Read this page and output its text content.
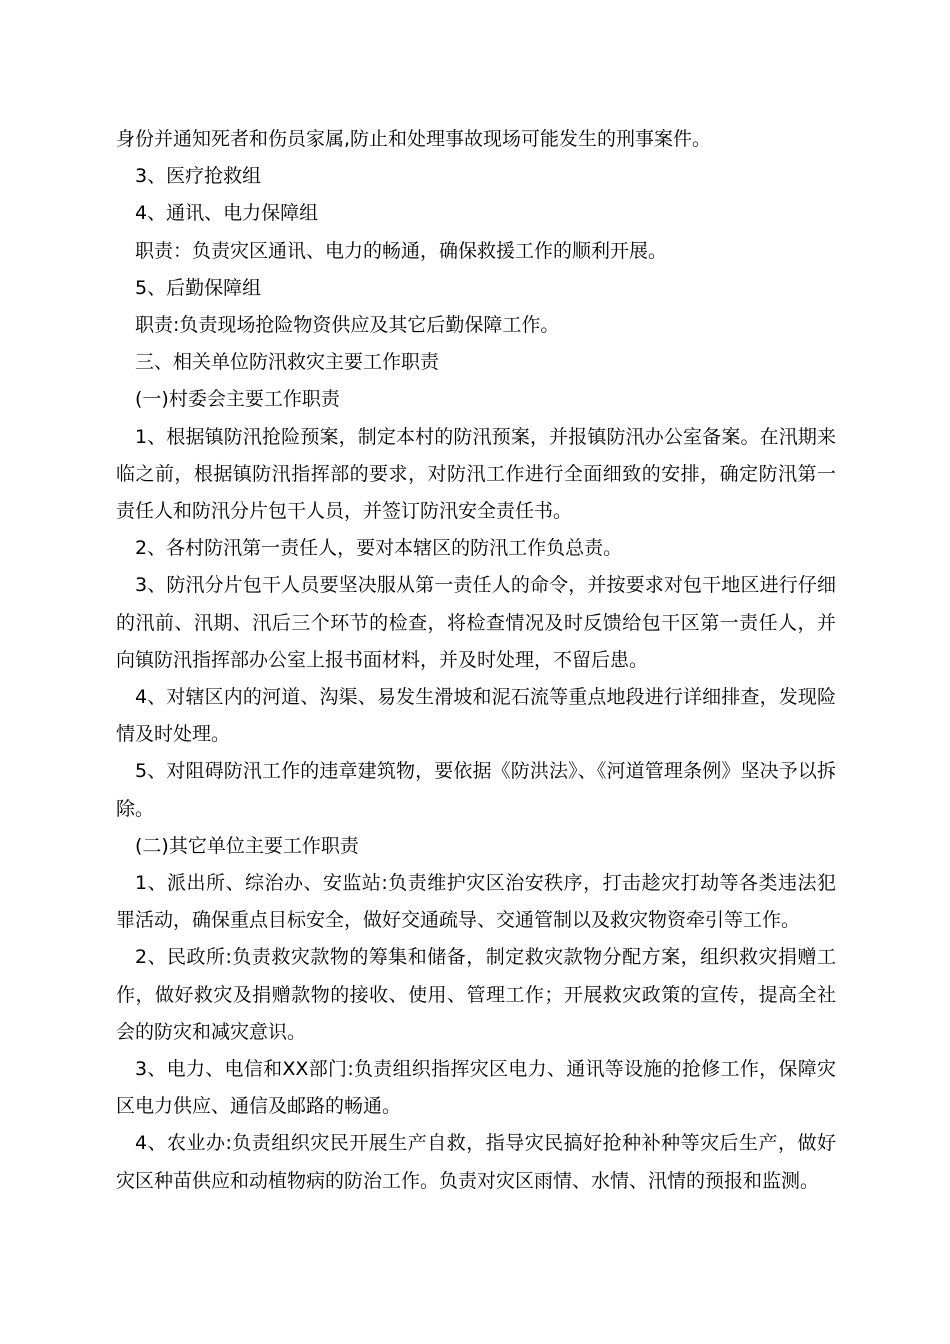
身份并通知死者和伤员家属,防止和处理事故现场可能发生的刑事案件。

3、医疗抢救组

4、通讯、电力保障组

职责：负责灾区通讯、电力的畅通，确保救援工作的顺利开展。

5、后勤保障组

职责:负责现场抢险物资供应及其它后勤保障工作。

三、相关单位防汛救灾主要工作职责

(一)村委会主要工作职责

1、根据镇防汛抢险预案，制定本村的防汛预案，并报镇防汛办公室备案。在汛期来临之前，根据镇防汛指挥部的要求，对防汛工作进行全面细致的安排，确定防汛第一责任人和防汛分片包干人员，并签订防汛安全责任书。

2、各村防汛第一责任人，要对本辖区的防汛工作负总责。

3、防汛分片包干人员要坚决服从第一责任人的命令，并按要求对包干地区进行仔细的汛前、汛期、汛后三个环节的检查，将检查情况及时反馈给包干区第一责任人，并向镇防汛指挥部办公室上报书面材料，并及时处理，不留后患。

4、对辖区内的河道、沟渠、易发生滑坡和泥石流等重点地段进行详细排查，发现险情及时处理。

5、对阻碍防汛工作的违章建筑物，要依据《防洪法》、《河道管理条例》坚决予以拆除。

(二)其它单位主要工作职责

1、派出所、综治办、安监站:负责维护灾区治安秩序，打击趁灾打劫等各类违法犯罪活动，确保重点目标安全，做好交通疏导、交通管制以及救灾物资牵引等工作。

2、民政所:负责救灾款物的筹集和储备，制定救灾款物分配方案，组织救灾捐赠工作，做好救灾及捐赠款物的接收、使用、管理工作；开展救灾政策的宣传，提高全社会的防灾和减灾意识。

3、电力、电信和XX部门:负责组织指挥灾区电力、通讯等设施的抢修工作，保障灾区电力供应、通信及邮路的畅通。

4、农业办:负责组织灾民开展生产自救，指导灾民搞好抢种补种等灾后生产，做好灾区种苗供应和动植物病的防治工作。负责对灾区雨情、水情、汛情的预报和监测。
